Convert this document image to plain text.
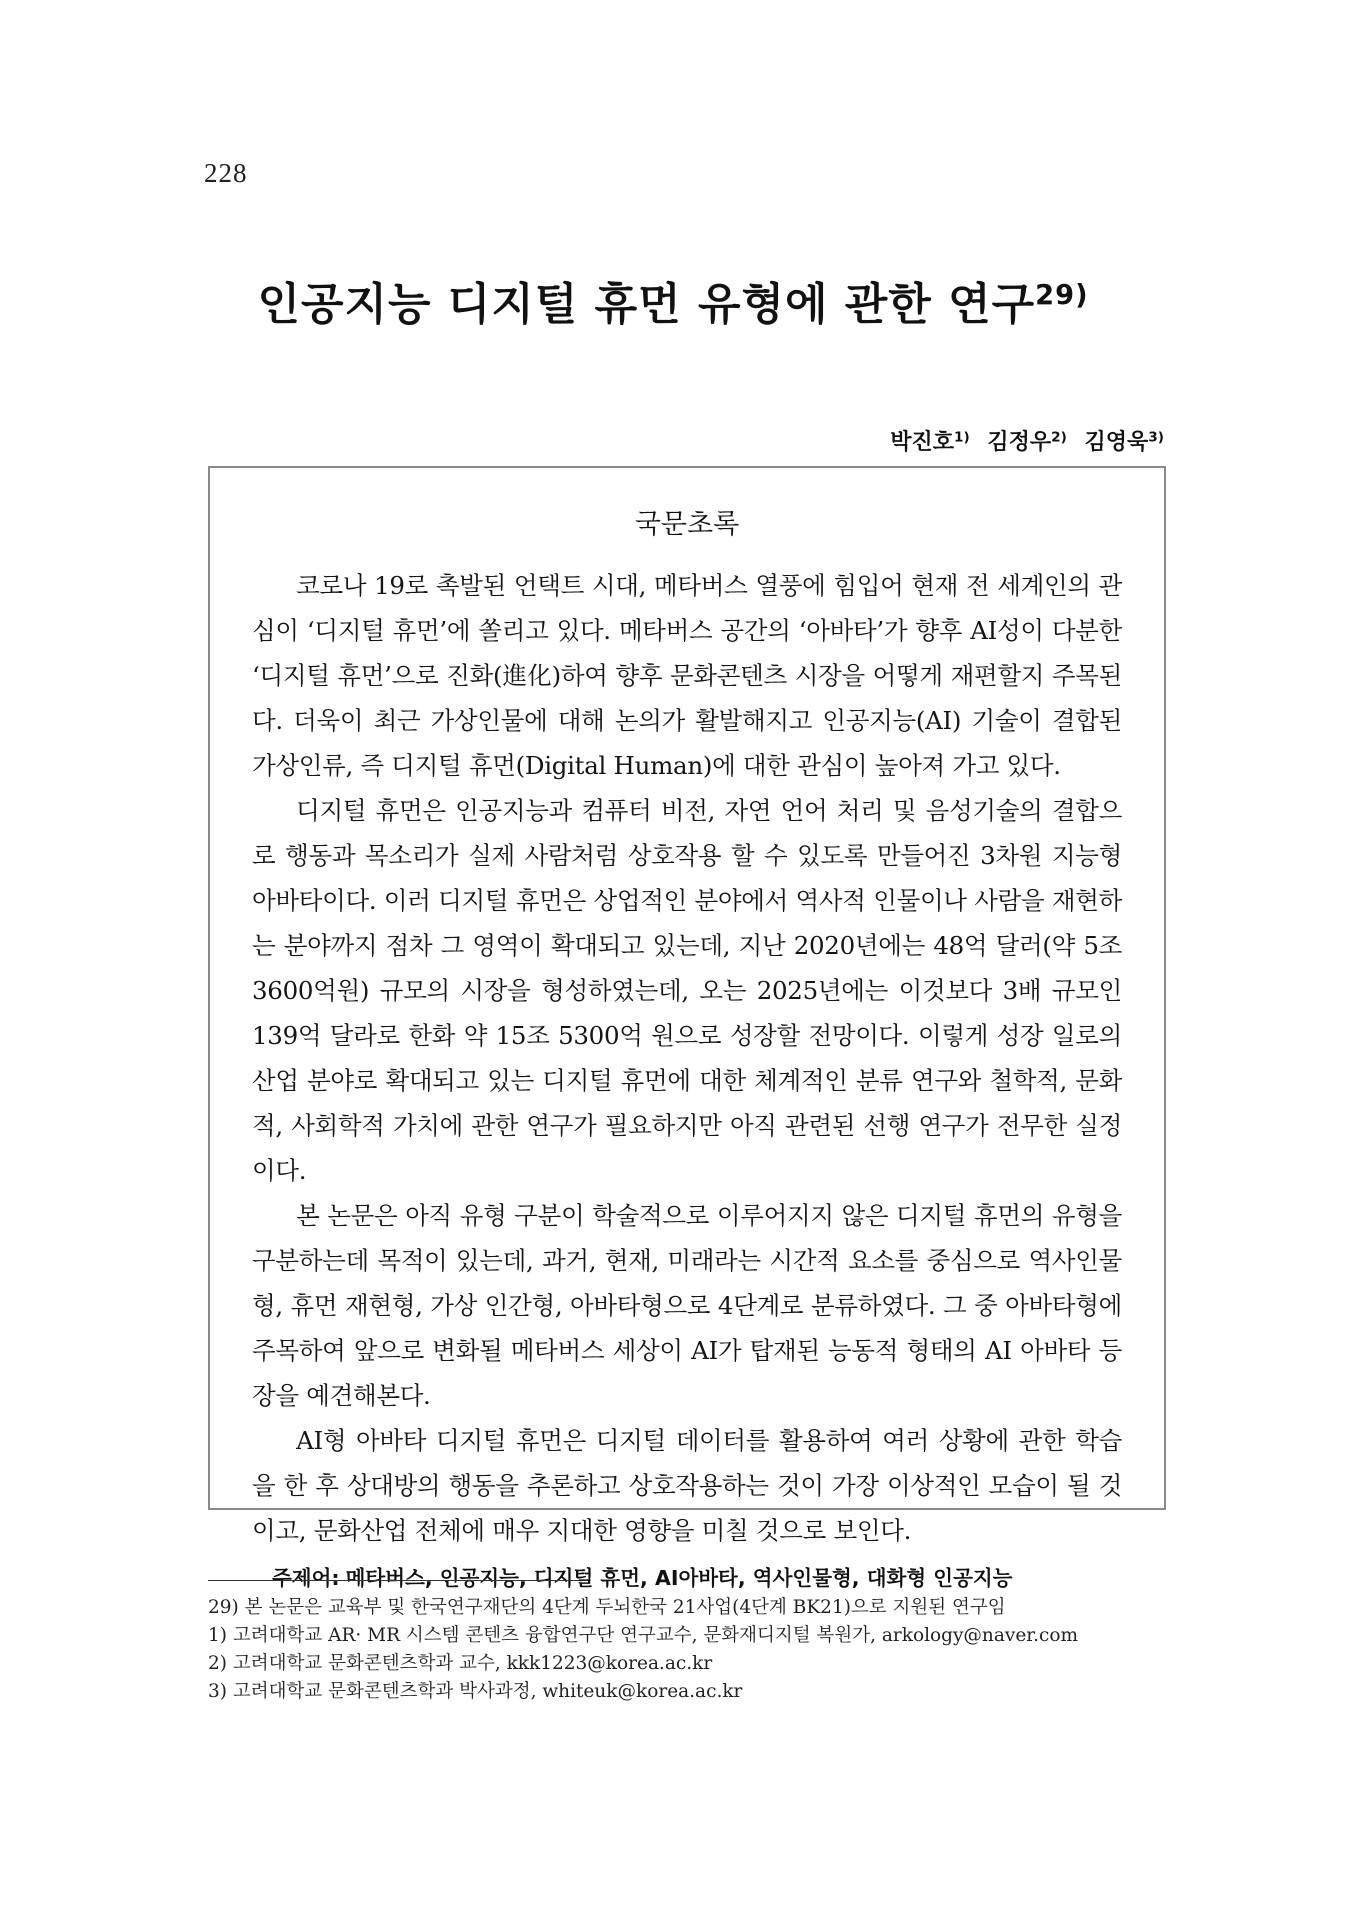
228
인공지능 디지털 휴먼 유형에 관한 연구$^{29)}$
박진호$^{1)}$ 김정우$^{2)}$ 김영욱$^{3)}$
국문초록

코로나 19로 촉발된 언택트 시대, 메타버스 열풍에 힘입어 현재 전 세계인의 관심이 ‘디지털 휴먼’에 쏠리고 있다. 메타버스 공간의 ‘아바타’가 향후 AI성이 다분한 ‘디지털 휴먼’으로 진화(進化)하여 향후 문화콘텐츠 시장을 어떻게 재편할지 주목된다. 더욱이 최근 가상인물에 대해 논의가 활발해지고 인공지능(AI) 기술이 결합된 가상인류, 즉 디지털 휴먼(Digital Human)에 대한 관심이 높아져 가고 있다.

디지털 휴먼은 인공지능과 컴퓨터 비전, 자연 언어 처리 및 음성기술의 결합으로 행동과 목소리가 실제 사람처럼 상호작용 할 수 있도록 만들어진 3차원 지능형 아바타이다. 이러 디지털 휴먼은 상업적인 분야에서 역사적 인물이나 사람을 재현하는 분야까지 점차 그 영역이 확대되고 있는데, 지난 2020년에는 48억 달러(약 5조 3600억원) 규모의 시장을 형성하였는데, 오는 2025년에는 이것보다 3배 규모인 139억 달라로 한화 약 15조 5300억 원으로 성장할 전망이다. 이렇게 성장 일로의 산업 분야로 확대되고 있는 디지털 휴먼에 대한 체계적인 분류 연구와 철학적, 문화적, 사회학적 가치에 관한 연구가 필요하지만 아직 관련된 선행 연구가 전무한 실정이다.

본 논문은 아직 유형 구분이 학술적으로 이루어지지 않은 디지털 휴먼의 유형을 구분하는데 목적이 있는데, 과거, 현재, 미래라는 시간적 요소를 중심으로 역사인물형, 휴먼 재현형, 가상 인간형, 아바타형으로 4단계로 분류하였다. 그 중 아바타형에 주목하여 앞으로 변화될 메타버스 세상이 AI가 탑재된 능동적 형태의 AI 아바타 등장을 예견해본다.

AI형 아바타 디지털 휴먼은 디지털 데이터를 활용하여 여러 상황에 관한 학습을 한 후 상대방의 행동을 추론하고 상호작용하는 것이 가장 이상적인 모습이 될 것이고, 문화산업 전체에 매우 지대한 영향을 미칠 것으로 보인다.

주제어: 메타버스, 인공지능, 디지털 휴먼, AI아바타, 역사인물형, 대화형 인공지능
29) 본 논문은 교육부 및 한국연구재단의 4단계 두뇌한국 21사업(4단계 BK21)으로 지원된 연구임
1) 고려대학교 AR· MR 시스템 콘텐츠 융합연구단 연구교수, 문화재디지털 복원가, arkology@naver.com
2) 고려대학교 문화콘텐츠학과 교수, kkk1223@korea.ac.kr
3) 고려대학교 문화콘텐츠학과 박사과정, whiteuk@korea.ac.kr
